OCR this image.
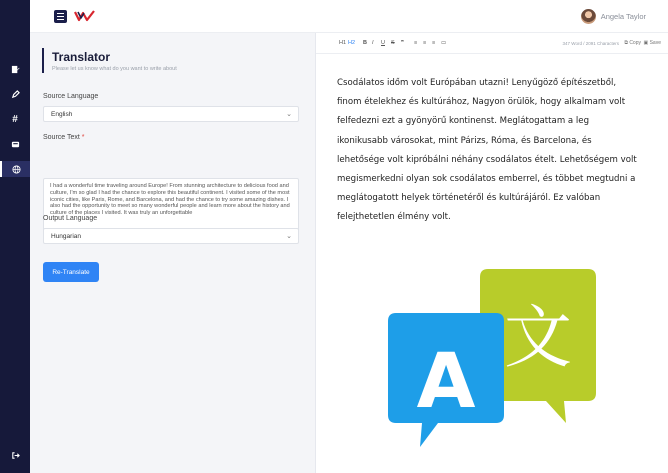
#
Angela Taylor
Translator
Please let us know what do you want to write about
Source Language
English	⌄
Source Text *
I had a wonderful time traveling around Europe! From stunning architecture to delicious food and culture, I'm so glad I had the chance to explore this beautiful continent. I visited some of the most iconic cities, like Paris, Rome, and Barcelona, and had the chance to try some amazing dishes. I also had the opportunity to meet so many wonderful people and learn more about the history and culture of the places I visited. It was truly an unforgettable
Output Language
Hungarian	⌄
Re-Translate
H1 H2 B I U S ❞ ≡ ≡ ≡ ▭	347 Word / 2091 Characters ⧉ Copy ▣ Save
Csodálatos időm volt Európában utazni! Lenyűgöző építészetből, finom ételekhez és kultúrához, Nagyon örülök, hogy alkalmam volt felfedezni ezt a gyönyörű kontinenst. Meglátogattam a leg ikonikusabb városokat, mint Párizs, Róma, és Barcelona, és lehetősége volt kipróbálni néhány csodálatos ételt. Lehetőségem volt megismerkedni olyan sok csodálatos emberrel, és többet megtudni a meglátogatott helyek történetéről és kultúrájáról. Ez valóban felejthetetlen élmény volt.
文
A
